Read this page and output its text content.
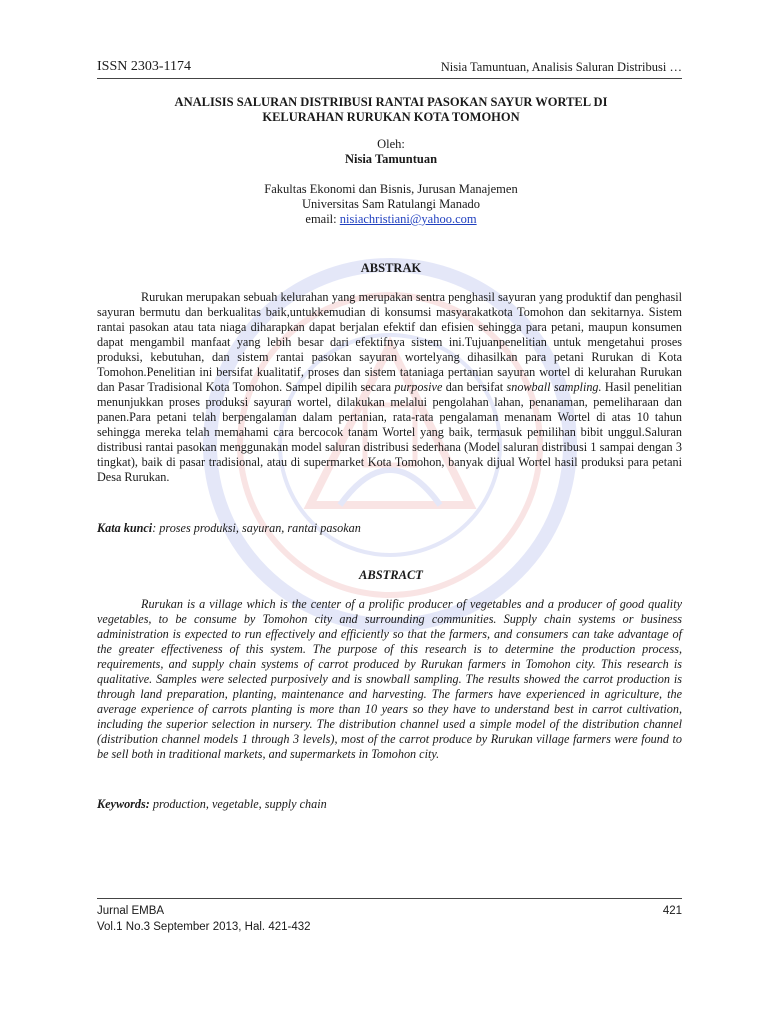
ISSN 2303-1174	Nisia Tamuntuan, Analisis Saluran Distribusi …
ANALISIS SALURAN DISTRIBUSI RANTAI PASOKAN SAYUR WORTEL DI
KELURAHAN RURUKAN KOTA TOMOHON
Oleh:
Nisia Tamuntuan
Fakultas Ekonomi dan Bisnis, Jurusan Manajemen
Universitas Sam Ratulangi Manado
email: nisiachristiani@yahoo.com
ABSTRAK

Rurukan merupakan sebuah kelurahan yang merupakan sentra penghasil sayuran yang produktif dan penghasil sayuran bermutu dan berkualitas baik,untukkemudian di konsumsi masyarakatkota Tomohon dan sekitarnya. Sistem rantai pasokan atau tata niaga diharapkan dapat berjalan efektif dan efisien sehingga para petani, maupun konsumen dapat mengambil manfaat yang lebih besar dari efektifnya sistem ini.Tujuanpenelitian untuk mengetahui proses produksi, kebutuhan, dan sistem rantai pasokan sayuran wortelyang dihasilkan para petani Rurukan di Kota Tomohon.Penelitian ini bersifat kualitatif, proses dan sistem tataniaga pertanian sayuran wortel di kelurahan Rurukan dan Pasar Tradisional Kota Tomohon. Sampel dipilih secara purposive dan bersifat snowball sampling. Hasil penelitian menunjukkan proses produksi sayuran wortel, dilakukan melalui pengolahan lahan, penanaman, pemeliharaan dan panen.Para petani telah berpengalaman dalam pertanian, rata-rata pengalaman menanam Wortel di atas 10 tahun sehingga mereka telah memahami cara bercocok tanam Wortel yang baik, termasuk pemilihan bibit unggul.Saluran distribusi rantai pasokan menggunakan model saluran distribusi sederhana (Model saluran distribusi 1 sampai dengan 3 tingkat), baik di pasar tradisional, atau di supermarket Kota Tomohon, banyak dijual Wortel hasil produksi para petani Desa Rurukan.

Kata kunci: proses produksi, sayuran, rantai pasokan
ABSTRACT

Rurukan is a village which is the center of a prolific producer of vegetables and a producer of good quality vegetables, to be consume by Tomohon city and surrounding communities. Supply chain systems or business administration is expected to run effectively and efficiently so that the farmers, and consumers can take advantage of the greater effectiveness of this system. The purpose of this research is to determine the production process, requirements, and supply chain systems of carrot produced by Rurukan farmers in Tomohon city. This research is qualitative. Samples were selected purposively and is snowball sampling. The results showed the carrot production is through land preparation, planting, maintenance and harvesting. The farmers have experienced in agriculture, the average experience of carrots planting is more than 10 years so they have to understand best in carrot cultivation, including the superior selection in nursery. The distribution channel used a simple model of the distribution channel (distribution channel models 1 through 3 levels), most of the carrot produce by Rurukan village farmers were found to be sell both in traditional markets, and supermarkets in Tomohon city.

Keywords: production, vegetable, supply chain
Jurnal EMBA	421
Vol.1 No.3 September 2013, Hal. 421-432
